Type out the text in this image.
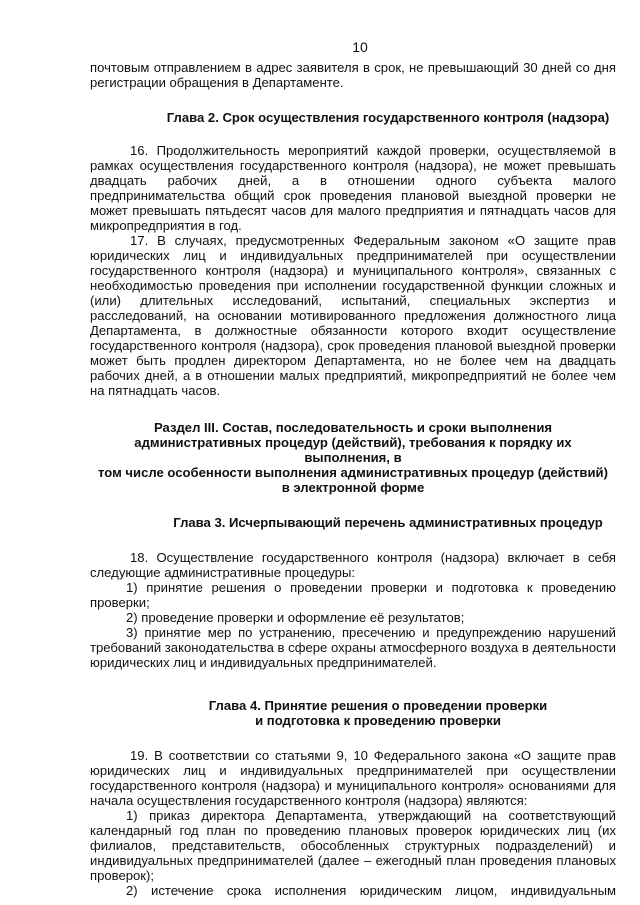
10

почтовым отправлением в адрес заявителя в срок, не превышающий 30 дней со дня регистрации обращения в Департаменте.

Глава 2. Срок осуществления государственного контроля (надзора)

16. Продолжительность мероприятий каждой проверки, осуществляемой в рамках осуществления государственного контроля (надзора), не может превышать двадцать рабочих дней, а в отношении одного субъекта малого предпринимательства общий срок проведения плановой выездной проверки не может превышать пятьдесят часов для малого предприятия и пятнадцать часов для микропредприятия в год.

17. В случаях, предусмотренных Федеральным законом «О защите прав юридических лиц и индивидуальных предпринимателей при осуществлении государственного контроля (надзора) и муниципального контроля», связанных с необходимостью проведения при исполнении государственной функции сложных и (или) длительных исследований, испытаний, специальных экспертиз и расследований, на основании мотивированного предложения должностного лица Департамента, в должностные обязанности которого входит осуществление государственного контроля (надзора), срок проведения плановой выездной проверки может быть продлен директором Департамента, но не более чем на двадцать рабочих дней, а в отношении малых предприятий, микропредприятий не более чем на пятнадцать часов.

Раздел III. Состав, последовательность и сроки выполнения
административных процедур (действий), требования к порядку их выполнения, в
том числе особенности выполнения административных процедур (действий)
в электронной форме
Глава 3. Исчерпывающий перечень административных процедур

18. Осуществление государственного контроля (надзора) включает в себя следующие административные процедуры:

1) принятие решения о проведении проверки и подготовка к проведению проверки;

2) проведение проверки и оформление её результатов;

3) принятие мер по устранению, пресечению и предупреждению нарушений требований законодательства в сфере охраны атмосферного воздуха в деятельности юридических лиц и индивидуальных предпринимателей.

Глава 4. Принятие решения о проведении проверки
и подготовка к проведению проверки

19. В соответствии со статьями 9, 10 Федерального закона «О защите прав юридических лиц и индивидуальных предпринимателей при осуществлении государственного контроля (надзора) и муниципального контроля» основаниями для начала осуществления государственного контроля (надзора) являются:

1) приказ директора Департамента, утверждающий на соответствующий календарный год план по проведению плановых проверок юридических лиц (их филиалов, представительств, обособленных структурных подразделений) и индивидуальных предпринимателей (далее – ежегодный план проведения плановых проверок);

2) истечение срока исполнения юридическим лицом, индивидуальным
